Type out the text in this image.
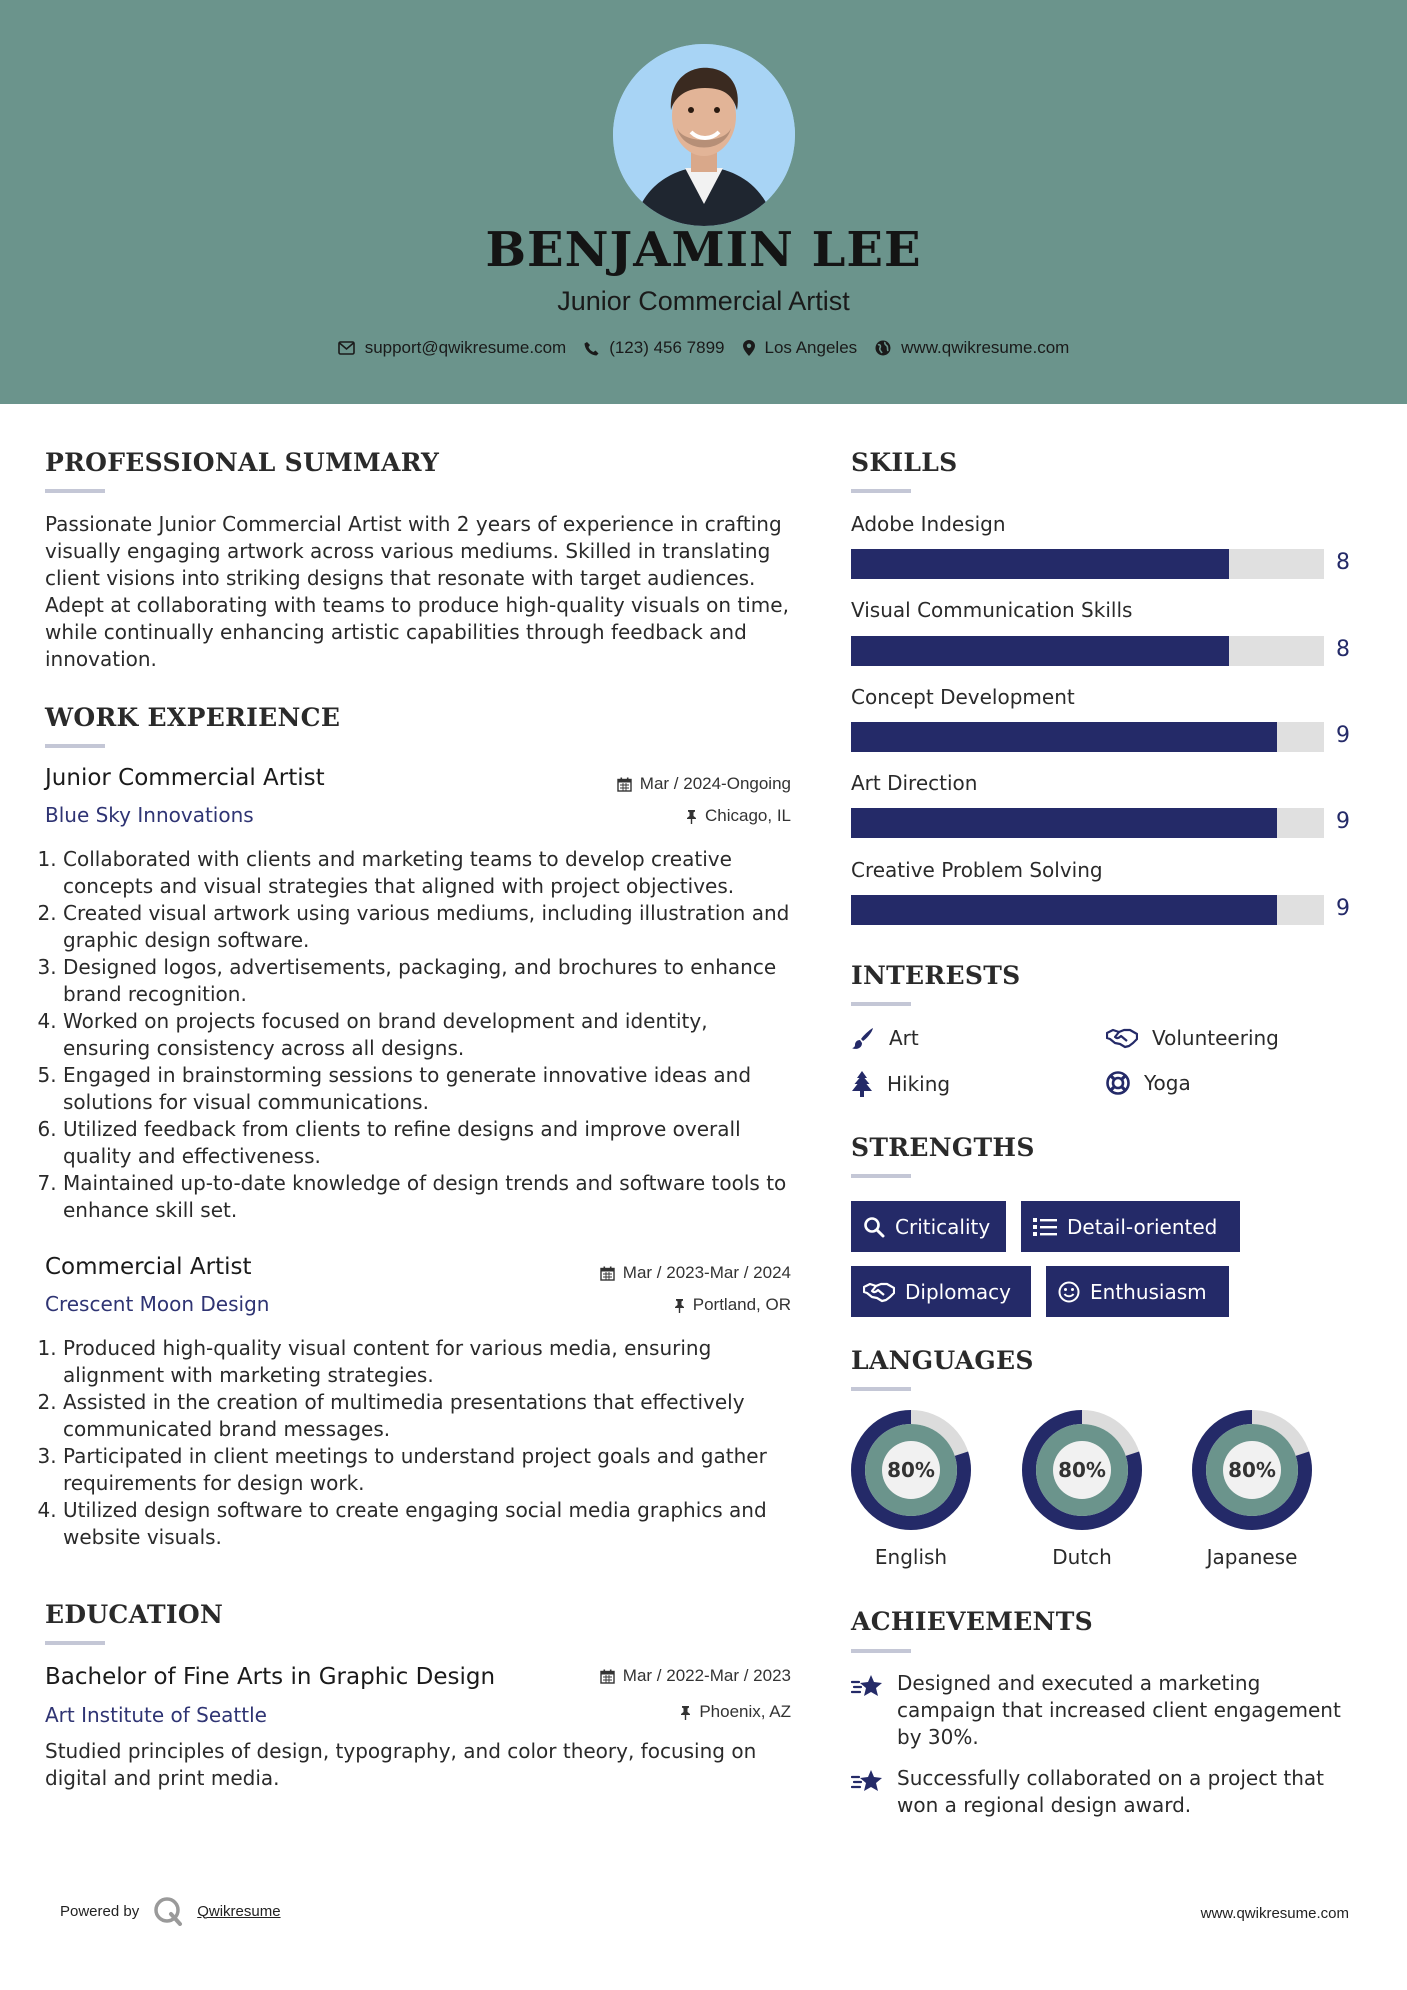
BENJAMIN LEE
Junior Commercial Artist
support@qwikresume.com	(123) 456 7899 Los Angeles	www.qwikresume.com
PROFESSIONAL SUMMARY
Passionate Junior Commercial Artist with 2 years of experience in crafting visually engaging artwork across various mediums. Skilled in translating client visions into striking designs that resonate with target audiences. Adept at collaborating with teams to produce high-quality visuals on time, while continually enhancing artistic capabilities through feedback and innovation.
WORK EXPERIENCE
Junior Commercial Artist
Blue Sky Innovations
Mar / 2024-Ongoing
Chicago, IL
1. Collaborated with clients and marketing teams to develop creative concepts and visual strategies that aligned with project objectives.
2. Created visual artwork using various mediums, including illustration and graphic design software.
3. Designed logos, advertisements, packaging, and brochures to enhance brand recognition.
4. Worked on projects focused on brand development and identity, ensuring consistency across all designs.
5. Engaged in brainstorming sessions to generate innovative ideas and solutions for visual communications.
6. Utilized feedback from clients to refine designs and improve overall quality and effectiveness.
7. Maintained up-to-date knowledge of design trends and software tools to enhance skill set.
Commercial Artist
Crescent Moon Design
Mar / 2023-Mar / 2024
Portland, OR
1. Produced high-quality visual content for various media, ensuring alignment with marketing strategies.
2. Assisted in the creation of multimedia presentations that effectively communicated brand messages.
3. Participated in client meetings to understand project goals and gather requirements for design work.
4. Utilized design software to create engaging social media graphics and website visuals.
EDUCATION
Bachelor of Fine Arts in Graphic Design
Art Institute of Seattle
Mar / 2022-Mar / 2023
Phoenix, AZ
Studied principles of design, typography, and color theory, focusing on digital and print media.
SKILLS
Adobe Indesign
8
Visual Communication Skills
8
Concept Development
9
Art Direction
9
Creative Problem Solving
9
INTERESTS
Art	Volunteering
Hiking	Yoga
STRENGTHS
Criticality	Detail-oriented
Diplomacy	Enthusiasm
LANGUAGES
80%
English
80%
Dutch
80%
Japanese
ACHIEVEMENTS
Designed and executed a marketing campaign that increased client engagement by 30%.
Successfully collaborated on a project that won a regional design award.
Powered by	Qwikresume	www.qwikresume.com
